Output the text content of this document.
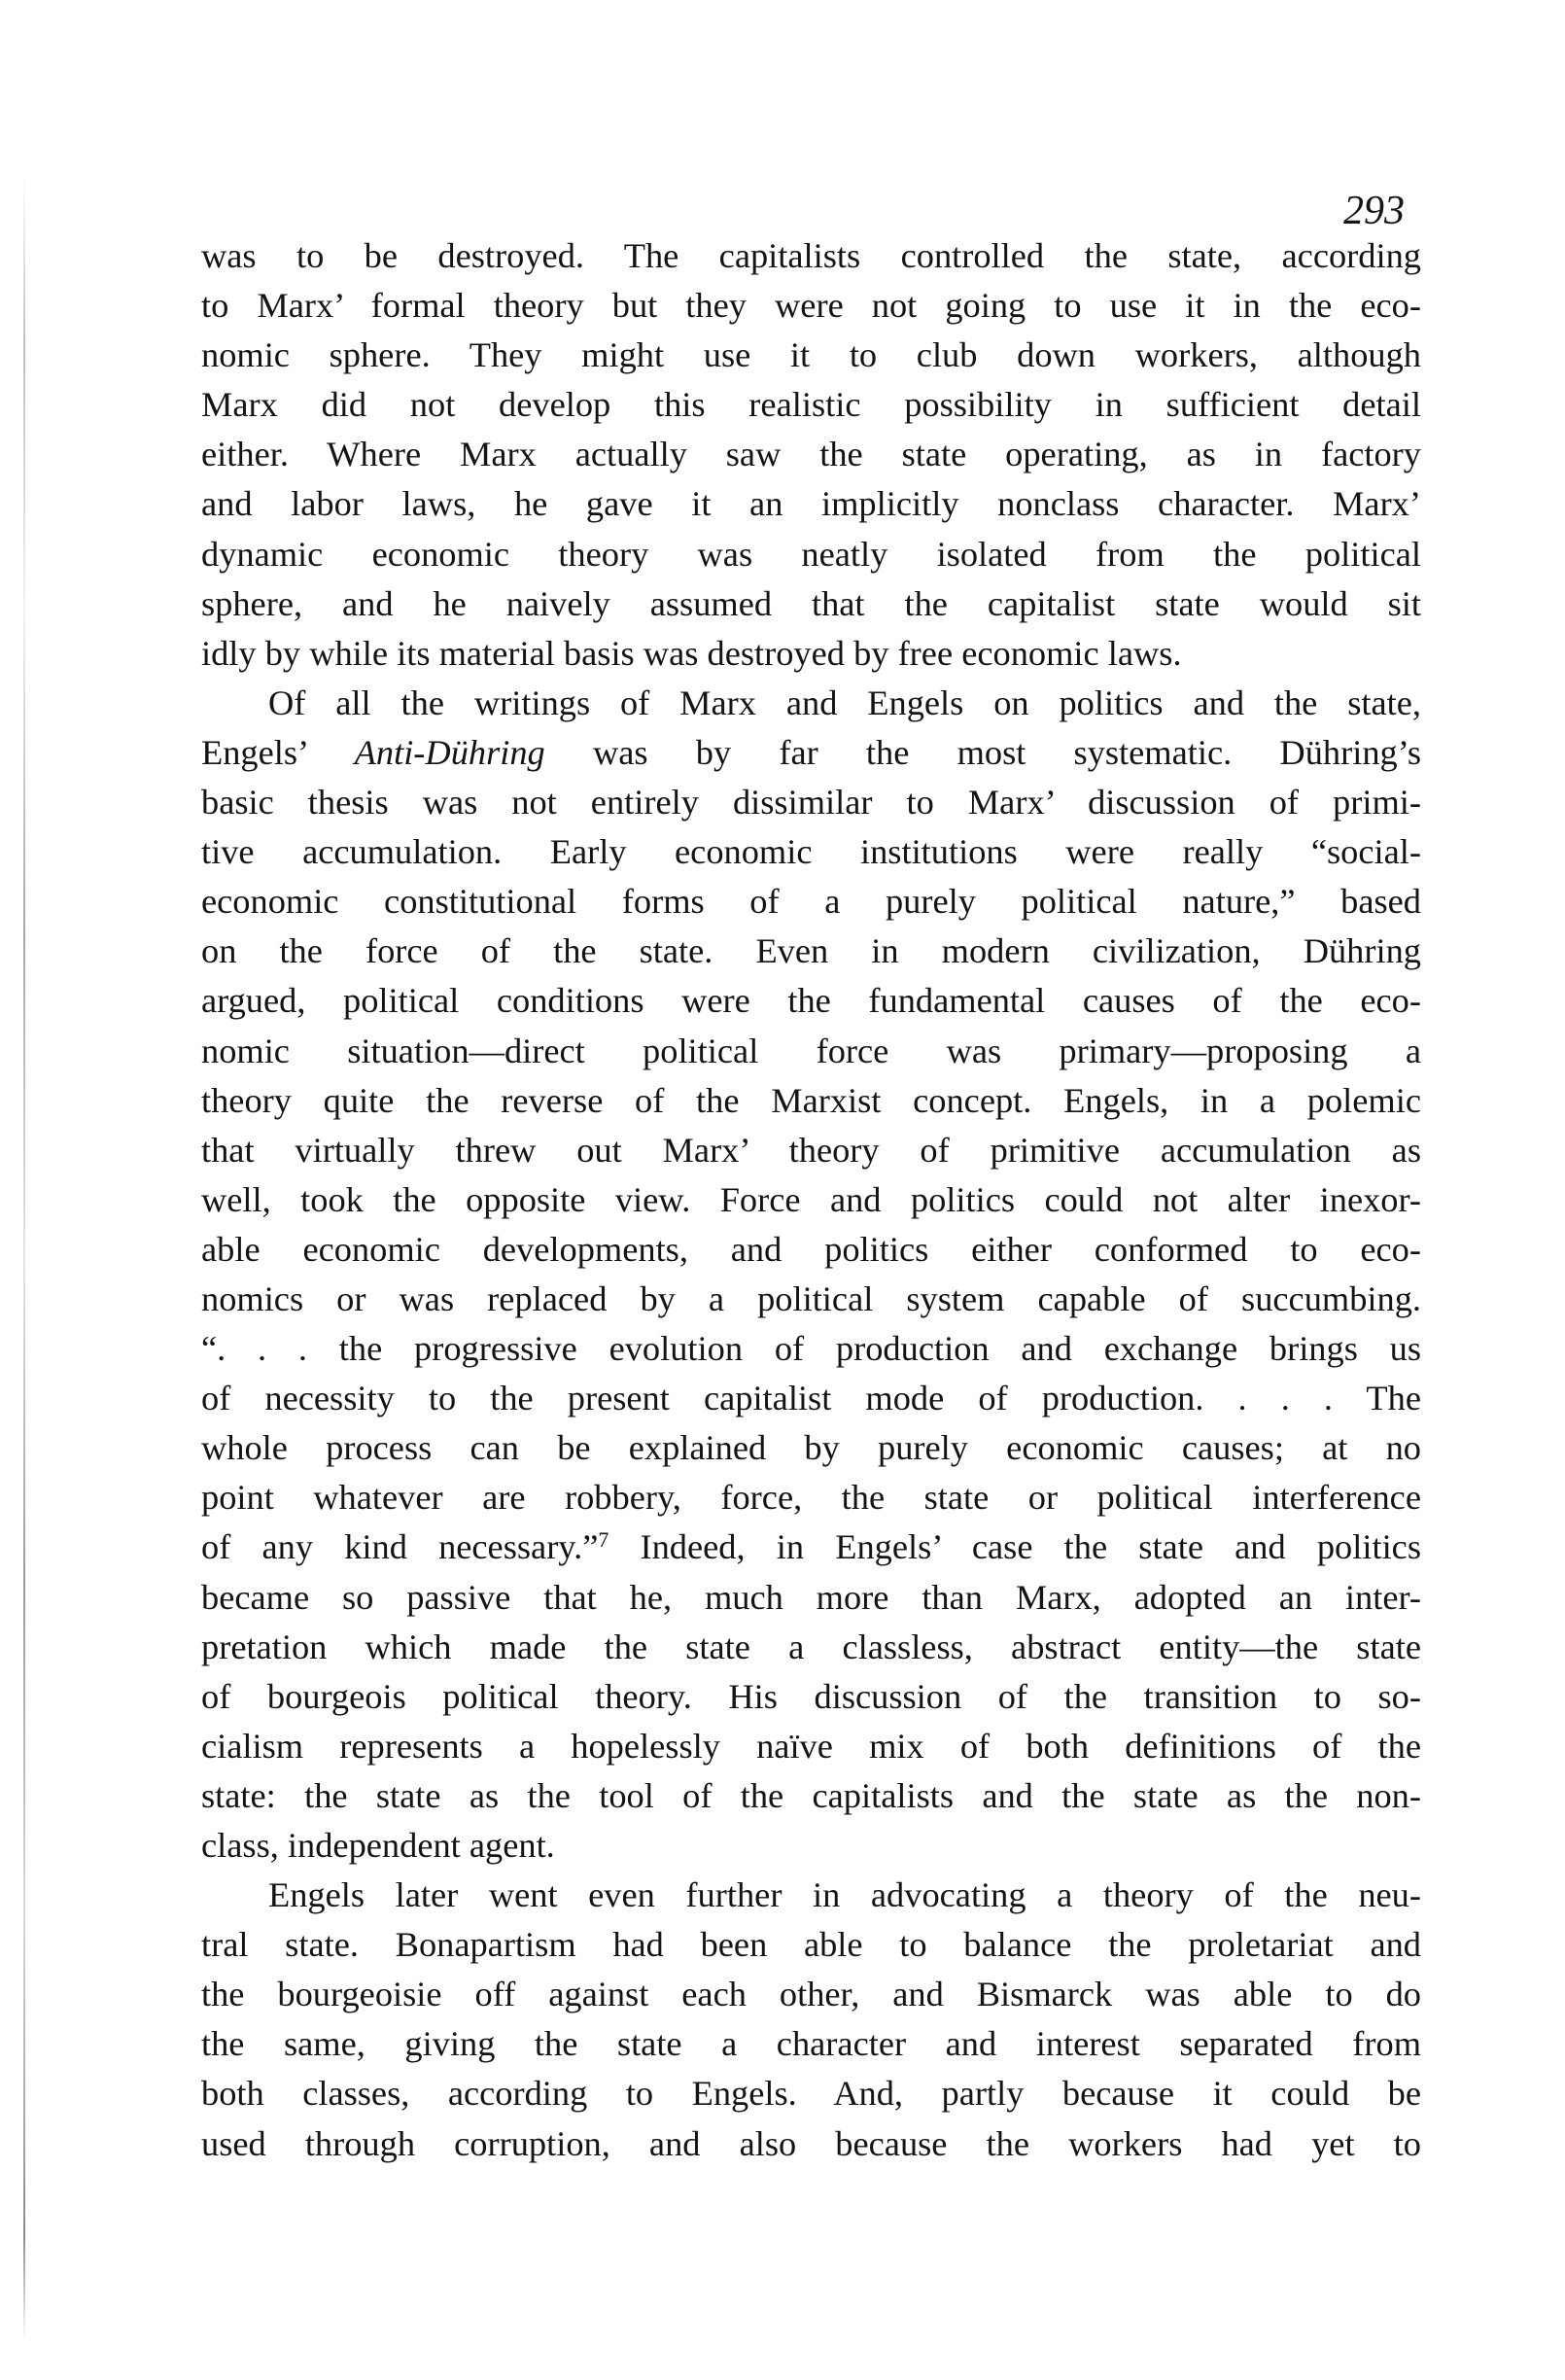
293

was to be destroyed. The capitalists controlled the state, according
to Marx’ formal theory but they were not going to use it in the eco-
nomic sphere. They might use it to club down workers, although
Marx did not develop this realistic possibility in sufficient detail
either. Where Marx actually saw the state operating, as in factory
and labor laws, he gave it an implicitly nonclass character. Marx’
dynamic economic theory was neatly isolated from the political
sphere, and he naively assumed that the capitalist state would sit
idly by while its material basis was destroyed by free economic laws.

Of all the writings of Marx and Engels on politics and the state,
Engels’ Anti-Dühring was by far the most systematic. Dühring’s
basic thesis was not entirely dissimilar to Marx’ discussion of primi-
tive accumulation. Early economic institutions were really “social-
economic constitutional forms of a purely political nature,” based
on the force of the state. Even in modern civilization, Dühring
argued, political conditions were the fundamental causes of the eco-
nomic situation—direct political force was primary—proposing a
theory quite the reverse of the Marxist concept. Engels, in a polemic
that virtually threw out Marx’ theory of primitive accumulation as
well, took the opposite view. Force and politics could not alter inexor-
able economic developments, and politics either conformed to eco-
nomics or was replaced by a political system capable of succumbing.
“. . . the progressive evolution of production and exchange brings us
of necessity to the present capitalist mode of production. . . . The
whole process can be explained by purely economic causes; at no
point whatever are robbery, force, the state or political interference
of any kind necessary.”$^7$ Indeed, in Engels’ case the state and politics
became so passive that he, much more than Marx, adopted an inter-
pretation which made the state a classless, abstract entity—the state
of bourgeois political theory. His discussion of the transition to so-
cialism represents a hopelessly naïve mix of both definitions of the
state: the state as the tool of the capitalists and the state as the non-
class, independent agent.

Engels later went even further in advocating a theory of the neu-
tral state. Bonapartism had been able to balance the proletariat and
the bourgeoisie off against each other, and Bismarck was able to do
the same, giving the state a character and interest separated from
both classes, according to Engels. And, partly because it could be
used through corruption, and also because the workers had yet to
